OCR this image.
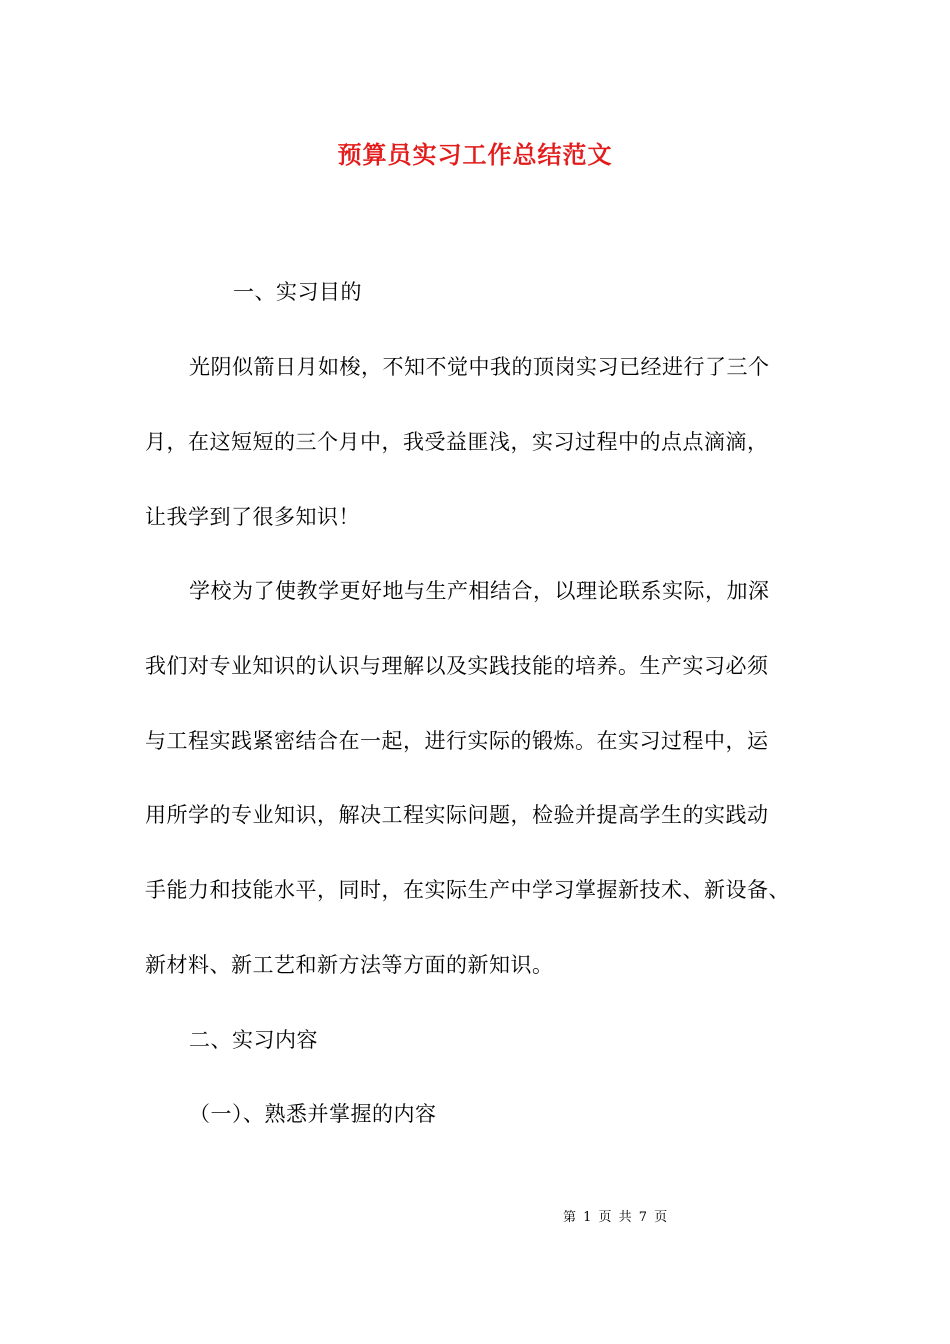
预算员实习工作总结范文
一、实习目的
光阴似箭日月如梭，不知不觉中我的顶岗实习已经进行了三个
月，在这短短的三个月中，我受益匪浅，实习过程中的点点滴滴，
让我学到了很多知识！
学校为了使教学更好地与生产相结合，以理论联系实际，加深
我们对专业知识的认识与理解以及实践技能的培养。生产实习必须
与工程实践紧密结合在一起，进行实际的锻炼。在实习过程中，运
用所学的专业知识，解决工程实际问题，检验并提高学生的实践动
手能力和技能水平，同时，在实际生产中学习掌握新技术、新设备、
新材料、新工艺和新方法等方面的新知识。
二、实习内容
（一）、熟悉并掌握的内容
第 1 页 共 7 页
